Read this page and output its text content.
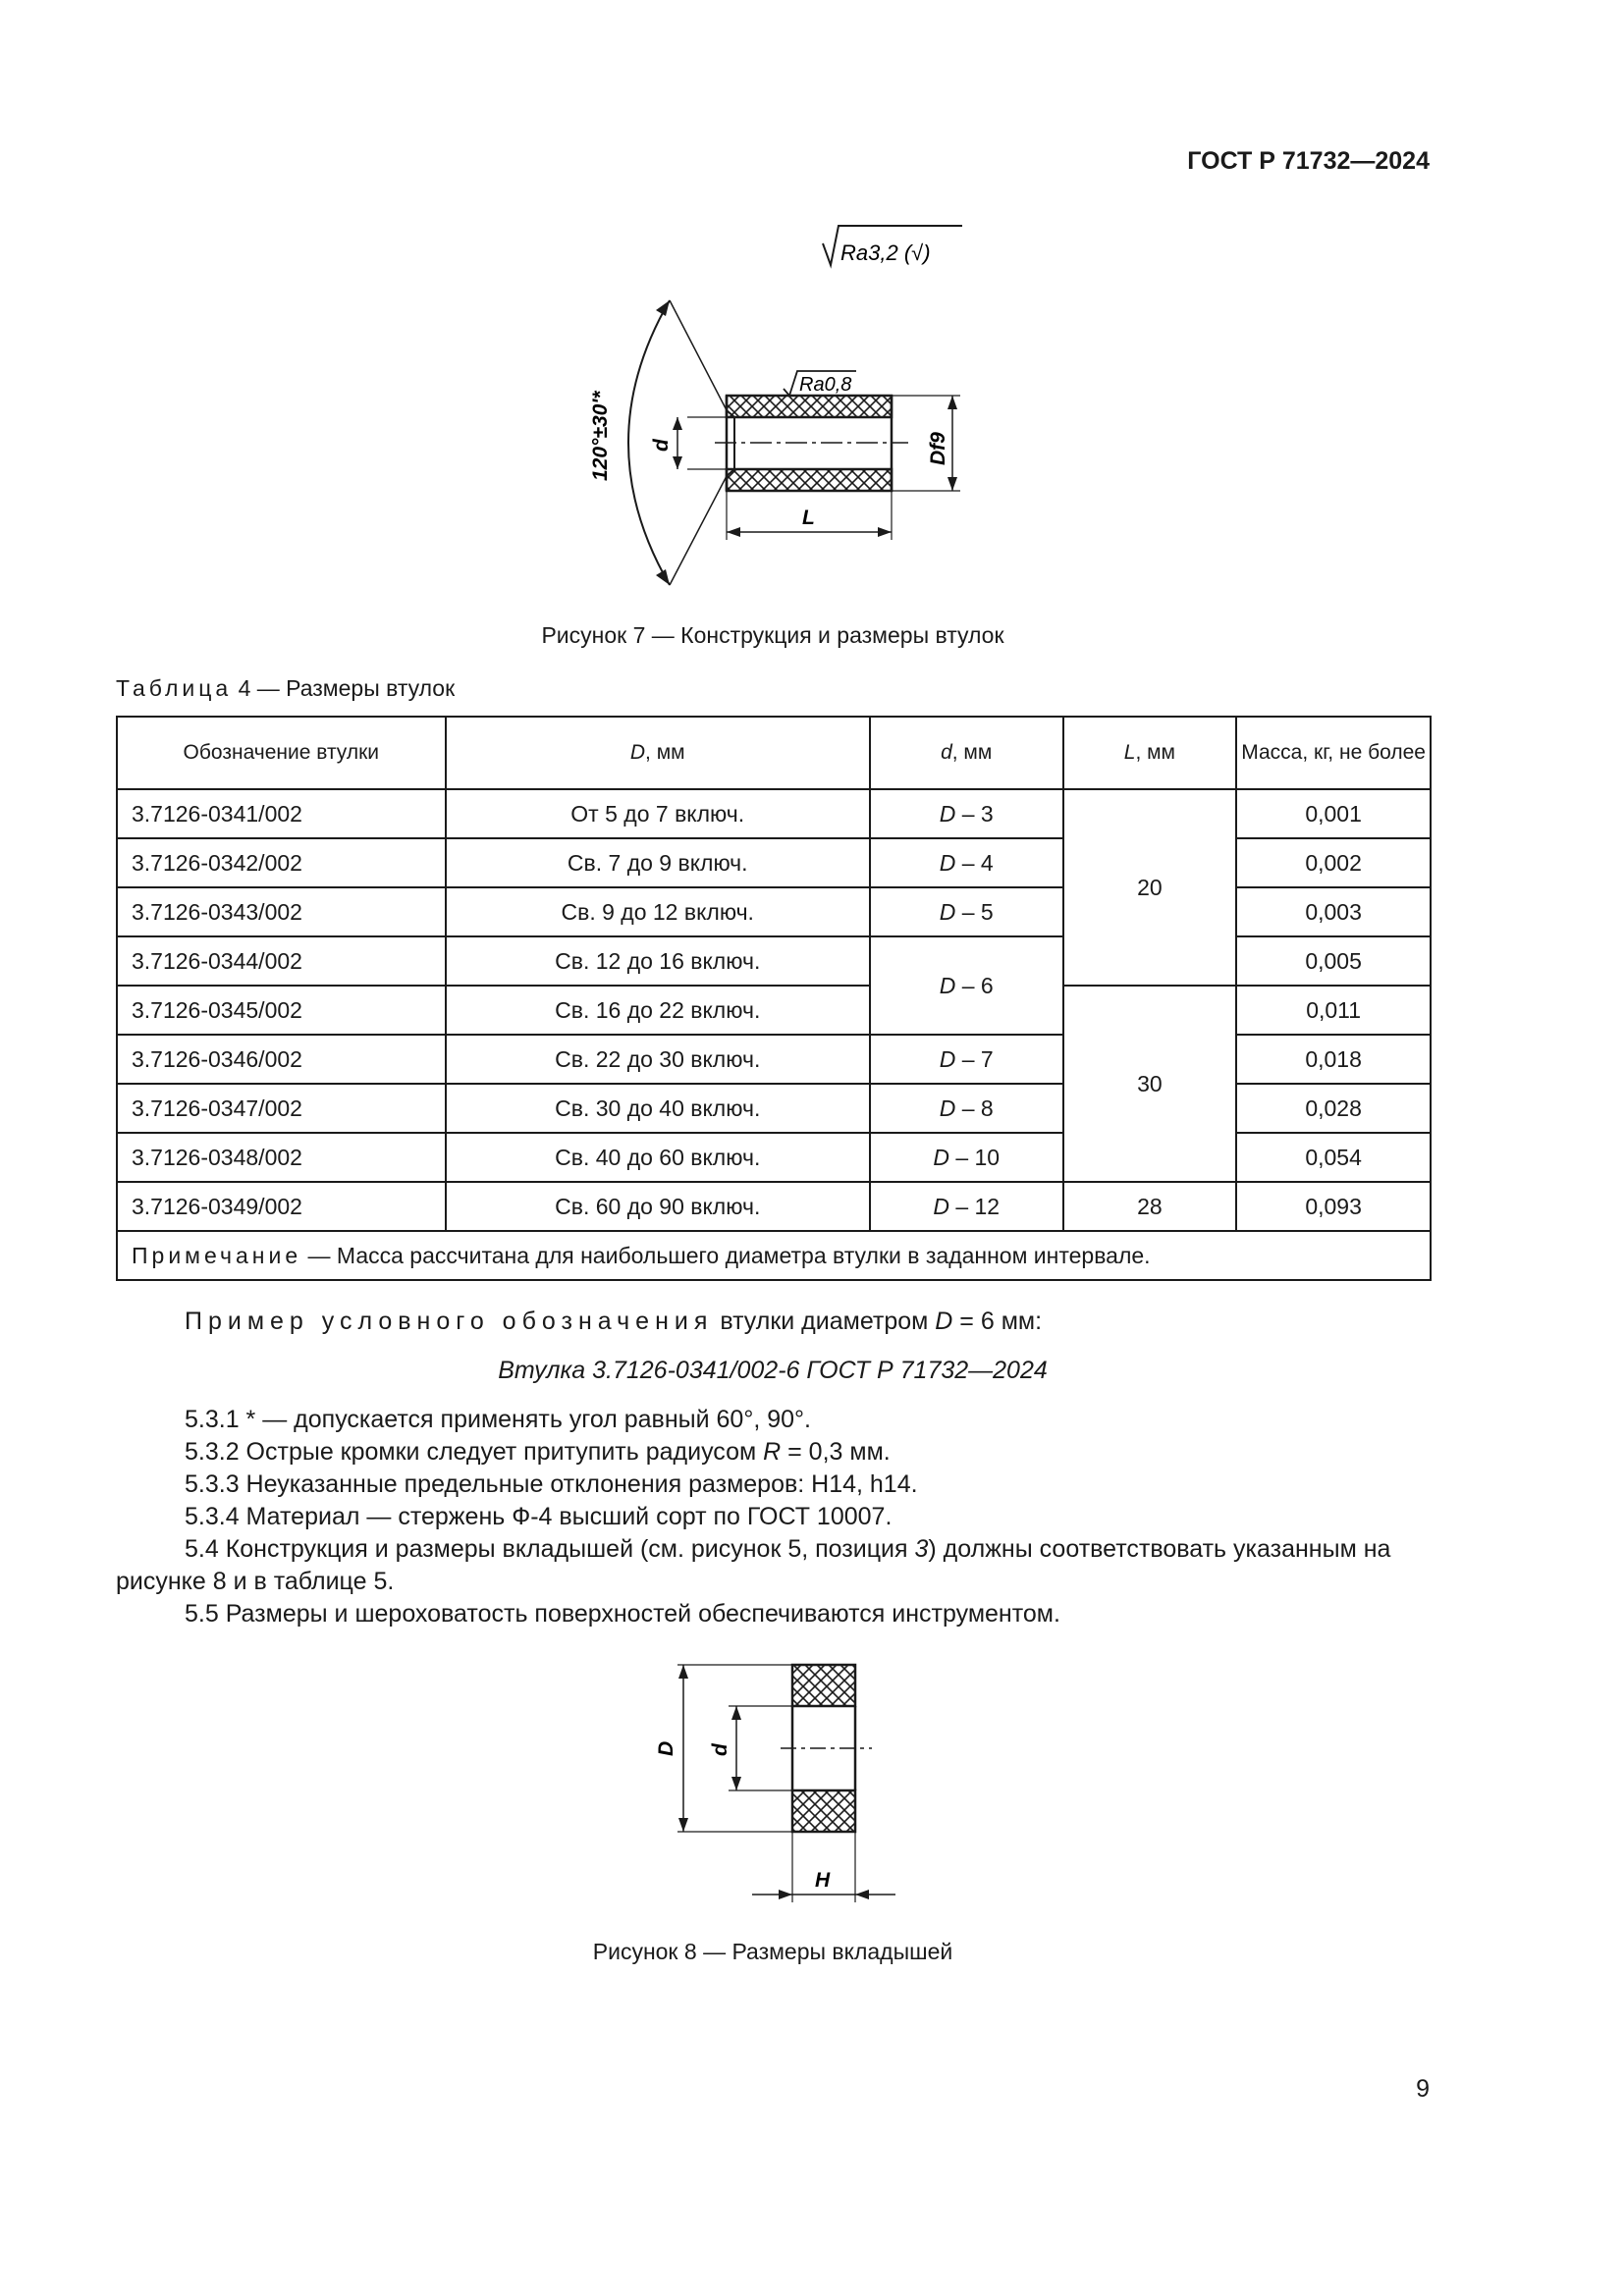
ГОСТ Р 71732—2024
Ra3,2 (√)
Ra0,8
120°±30'* d	Df9
L
Рисунок 7 — Конструкция и размеры втулок
Таблица 4 — Размеры втулок
Обозначение втулки	D, мм	d, мм	L, мм	Масса, кг, не более
3.7126-0341/002	От 5 до 7 включ.	D – 3	20	0,001
3.7126-0342/002	Св. 7 до 9 включ.	D – 4		0,002
3.7126-0343/002	Св. 9 до 12 включ.	D – 5		0,003
3.7126-0344/002	Св. 12 до 16 включ.	D – 6		0,005
3.7126-0345/002	Св. 16 до 22 включ.		30	0,011
3.7126-0346/002	Св. 22 до 30 включ.	D – 7		0,018
3.7126-0347/002	Св. 30 до 40 включ.	D – 8		0,028
3.7126-0348/002	Св. 40 до 60 включ.	D – 10		0,054
3.7126-0349/002	Св. 60 до 90 включ.	D – 12	28	0,093
Примечание — Масса рассчитана для наибольшего диаметра втулки в заданном интервале.				
Пример условного обозначения втулки диаметром D = 6 мм:
Втулка 3.7126-0341/002-6 ГОСТ Р 71732—2024

5.3.1 * — допускается применять угол равный 60°, 90°.

5.3.2 Острые кромки следует притупить радиусом R = 0,3 мм.

5.3.3 Неуказанные предельные отклонения размеров: H14, h14.

5.3.4 Материал — стержень Ф-4 высший сорт по ГОСТ 10007.

5.4 Конструкция и размеры вкладышей (см. рисунок 5, позиция 3) должны соответствовать указанным на рисунке 8 и в таблице 5.

5.5 Размеры и шероховатость поверхностей обеспечиваются инструментом.

D d
H
Рисунок 8 — Размеры вкладышей
9
